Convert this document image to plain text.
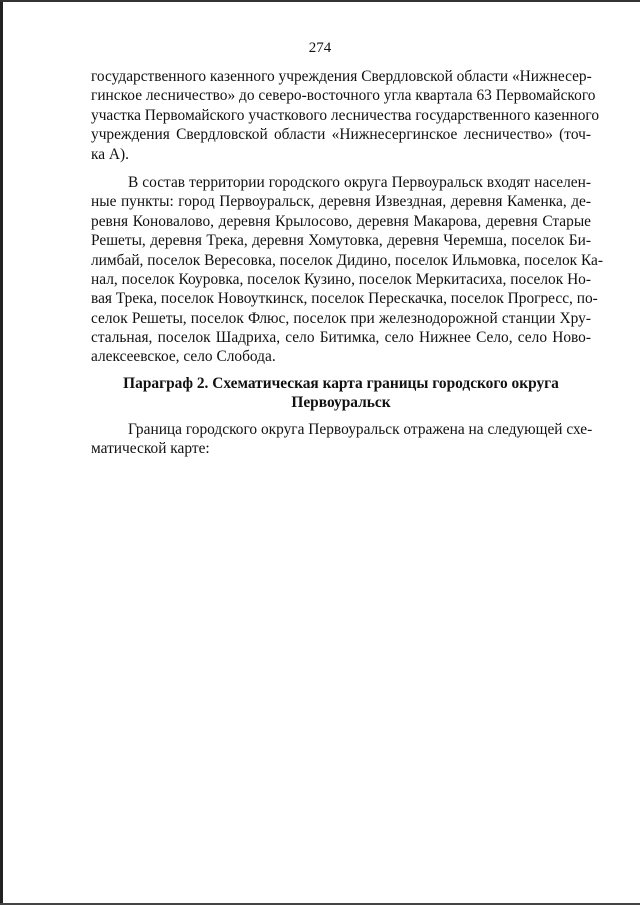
274

государственного казенного учреждения Свердловской области «Нижнесер-
гинское лесничество» до северо-восточного угла квартала 63 Первомайского
участка Первомайского участкового лесничества государственного казенного
учреждения Свердловской области «Нижнесергинское лесничество» (точ-
ка А).

В состав территории городского округа Первоуральск входят населен-
ные пункты: город Первоуральск, деревня Извездная, деревня Каменка, де-
ревня Коновалово, деревня Крылосово, деревня Макарова, деревня Старые
Решеты, деревня Трека, деревня Хомутовка, деревня Черемша, поселок Би-
лимбай, поселок Вересовка, поселок Дидино, поселок Ильмовка, поселок Ка-
нал, поселок Коуровка, поселок Кузино, поселок Меркитасиха, поселок Но-
вая Трека, поселок Новоуткинск, поселок Перескачка, поселок Прогресс, по-
селок Решеты, поселок Флюс, поселок при железнодорожной станции Хру-
стальная, поселок Шадриха, село Битимка, село Нижнее Село, село Ново-
алексеевское, село Слобода.

Параграф 2. Схематическая карта границы городского округа
Первоуральск

Граница городского округа Первоуральск отражена на следующей схе-
матической карте:
